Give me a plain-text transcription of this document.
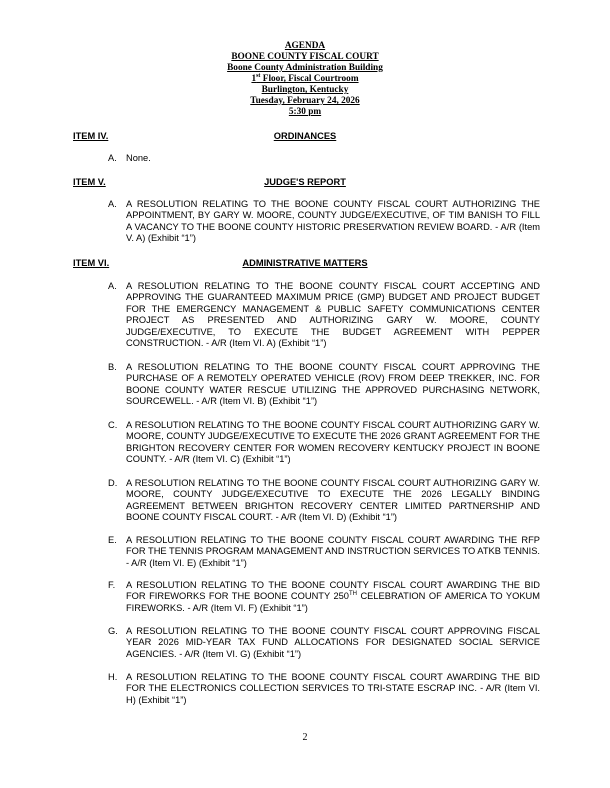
AGENDA
BOONE COUNTY FISCAL COURT
Boone County Administration Building
1st Floor, Fiscal Courtroom
Burlington, Kentucky
Tuesday, February 24, 2026
5:30 pm
ITEM IV.	ORDINANCES
A. None.
ITEM V.	JUDGE'S REPORT
A. A RESOLUTION RELATING TO THE BOONE COUNTY FISCAL COURT AUTHORIZING THE APPOINTMENT, BY GARY W. MOORE, COUNTY JUDGE/EXECUTIVE, OF TIM BANISH TO FILL A VACANCY TO THE BOONE COUNTY HISTORIC PRESERVATION REVIEW BOARD. - A/R (Item V. A) (Exhibit “1”)
ITEM VI.	ADMINISTRATIVE MATTERS
A. A RESOLUTION RELATING TO THE BOONE COUNTY FISCAL COURT ACCEPTING AND APPROVING THE GUARANTEED MAXIMUM PRICE (GMP) BUDGET AND PROJECT BUDGET FOR THE EMERGENCY MANAGEMENT & PUBLIC SAFETY COMMUNICATIONS CENTER PROJECT AS PRESENTED AND AUTHORIZING GARY W. MOORE, COUNTY JUDGE/EXECUTIVE, TO EXECUTE THE BUDGET AGREEMENT WITH PEPPER CONSTRUCTION. - A/R (Item VI. A) (Exhibit “1”)
B. A RESOLUTION RELATING TO THE BOONE COUNTY FISCAL COURT APPROVING THE PURCHASE OF A REMOTELY OPERATED VEHICLE (ROV) FROM DEEP TREKKER, INC. FOR BOONE COUNTY WATER RESCUE UTILIZING THE APPROVED PURCHASING NETWORK, SOURCEWELL. - A/R (Item VI. B) (Exhibit “1”)
C. A RESOLUTION RELATING TO THE BOONE COUNTY FISCAL COURT AUTHORIZING GARY W. MOORE, COUNTY JUDGE/EXECUTIVE TO EXECUTE THE 2026 GRANT AGREEMENT FOR THE BRIGHTON RECOVERY CENTER FOR WOMEN RECOVERY KENTUCKY PROJECT IN BOONE COUNTY. - A/R (Item VI. C) (Exhibit “1”)
D. A RESOLUTION RELATING TO THE BOONE COUNTY FISCAL COURT AUTHORIZING GARY W. MOORE, COUNTY JUDGE/EXECUTIVE TO EXECUTE THE 2026 LEGALLY BINDING AGREEMENT BETWEEN BRIGHTON RECOVERY CENTER LIMITED PARTNERSHIP AND BOONE COUNTY FISCAL COURT. - A/R (Item VI. D) (Exhibit “1”)
E. A RESOLUTION RELATING TO THE BOONE COUNTY FISCAL COURT AWARDING THE RFP FOR THE TENNIS PROGRAM MANAGEMENT AND INSTRUCTION SERVICES TO ATKB TENNIS. - A/R (Item VI. E) (Exhibit “1”)
F. A RESOLUTION RELATING TO THE BOONE COUNTY FISCAL COURT AWARDING THE BID FOR FIREWORKS FOR THE BOONE COUNTY 250TH CELEBRATION OF AMERICA TO YOKUM FIREWORKS. - A/R (Item VI. F) (Exhibit “1”)
G. A RESOLUTION RELATING TO THE BOONE COUNTY FISCAL COURT APPROVING FISCAL YEAR 2026 MID-YEAR TAX FUND ALLOCATIONS FOR DESIGNATED SOCIAL SERVICE AGENCIES. - A/R (Item VI. G) (Exhibit “1”)
H. A RESOLUTION RELATING TO THE BOONE COUNTY FISCAL COURT AWARDING THE BID FOR THE ELECTRONICS COLLECTION SERVICES TO TRI-STATE ESCRAP INC. - A/R (Item VI. H) (Exhibit “1”)
2
